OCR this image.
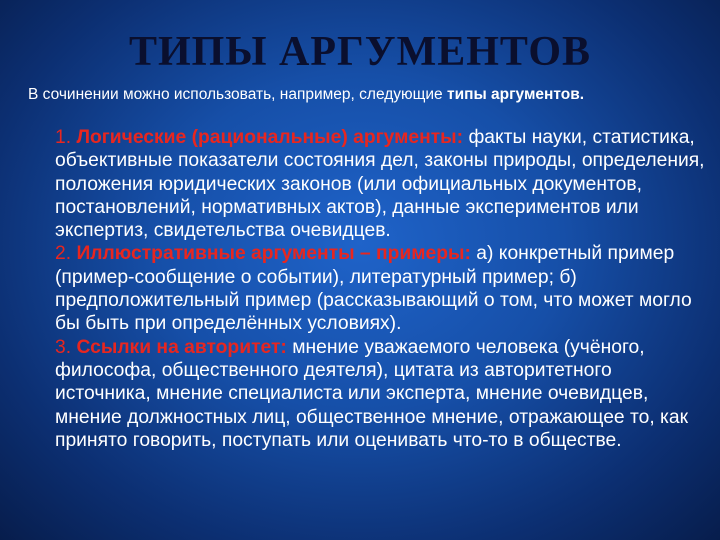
ТИПЫ АРГУМЕНТОВ
В сочинении можно использовать, например, следующие типы аргументов.

1. Логические (рациональные) аргументы: факты науки, статистика, объективные показатели состояния дел, законы природы, определения, положения юридических законов (или официальных документов, постановлений, нормативных актов), данные экспериментов или экспертиз, свидетельства очевидцев.

2. Иллюстративные аргументы – примеры: а) конкретный пример (пример-сообщение о событии), литературный пример; б) предположительный пример (рассказывающий о том, что может могло бы быть при определённых условиях).

3. Ссылки на авторитет: мнение уважаемого человека (учёного, философа, общественного деятеля), цитата из авторитетного источника, мнение специалиста или эксперта, мнение очевидцев, мнение должностных лиц, общественное мнение, отражающее то, как принято говорить, поступать или оценивать что-то в обществе.
